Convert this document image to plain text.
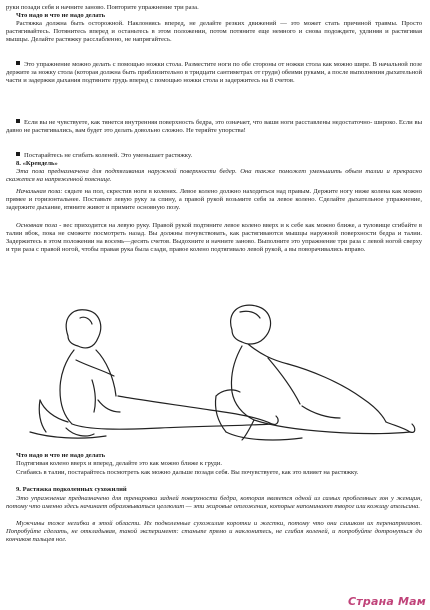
руки позади себя и начните заново. Повторите упражнение три раза.

Что надо и что не надо делать

Растяжка должна быть осторожной. Наклоняясь вперед, не делайте резких движений — это может стать причиной травмы. Просто растягивайтесь. Потянитесь вперед и останьтесь в этом положении, потом потяните еще немного и снова подождите, удлиняя и растягивая мышцы. Делайте растяжку расслабленно, не напрягайтесь.

Это упражнение можно делать с помощью ножки стола. Разместите ноги по обе стороны от ножки стола как можно шире. В начальной позе держите за ножку стола (которая должна быть приблизительно в тридцати сантиметрах от груди) обеими руками, а после выполнения дыхательной части и задержки дыхания подтяните грудь вперед с помощью ножки стола и задержитесь на 8 счетов.

Если вы не чувствуете, как тянется внутренняя поверхность бедра, это означает, что ваши ноги расставлены недостаточно- широко. Если вы давно не растягивались, вам будет это делать довольно сложно. Не теряйте упорства!

Постарайтесь не сгибать коленей. Это уменьшает растяжку.

8. «Крендель»

Эта поза предназначена для подтягивания наружной поверхности бедер. Она также поможет уменьшить объем талии и прекрасно скажется на напряженной пояснице.

Начальная поза: сядьте на пол, скрестив ноги в коленях. Левое колено должно находиться над правым. Держите ногу ниже колена как можно прямее и горизонтальнее. Поставьте левую руку за спину, а правой рукой возьмите себя за левое колено. Сделайте дыхательное упражнение, задержите дыхание, втяните живот и примите основную позу.

Основная поза - вес приходится на левую руку. Правой рукой подтяните левое колено вверх и к себе как можно ближе, а туловище сгибайте в талии вбок, пока не сможете посмотреть назад. Вы должны почувствовать, как растягиваются мышцы наружной поверхности бедра и талии. Задержитесь в этом положении на восемь—десять счетов. Выдохните и начните заново. Выполните это упражнение три раза с левой ногой сверху и три раза с правой ногой, чтобы правая рука была сзади, правое колено подтягивало левой рукой, а вы поворачивались вправо.

Что надо и что не надо делать

Подтягивая колено вверх и вперед, делайте это как можно ближе к груди.

Сгибаясь в талии, постарайтесь посмотреть как можно дальше позади себя. Вы почувствуете, как это влияет на растяжку.

9. Растяжка подколенных сухожилий

Это упражнение предназначено для тренировки задней поверхности бедра, которая является одной из самых проблемных зон у женщин, потому что именно здесь начинает образовываться целлюлит — эти жировые отложения, которые напоминают творог или кожицу апельсина.

Мужчины тоже негибки в этой области. Их подколенные сухожилия коротки и жестки, потому что они слишком их перенапрягают. Попробуйте сделать, не откладывая, такой эксперимент: станьте прямо и наклонитесь, не сгибая коленей, и попробуйте дотронуться до кончиков пальцев ног.

Страна Мам
